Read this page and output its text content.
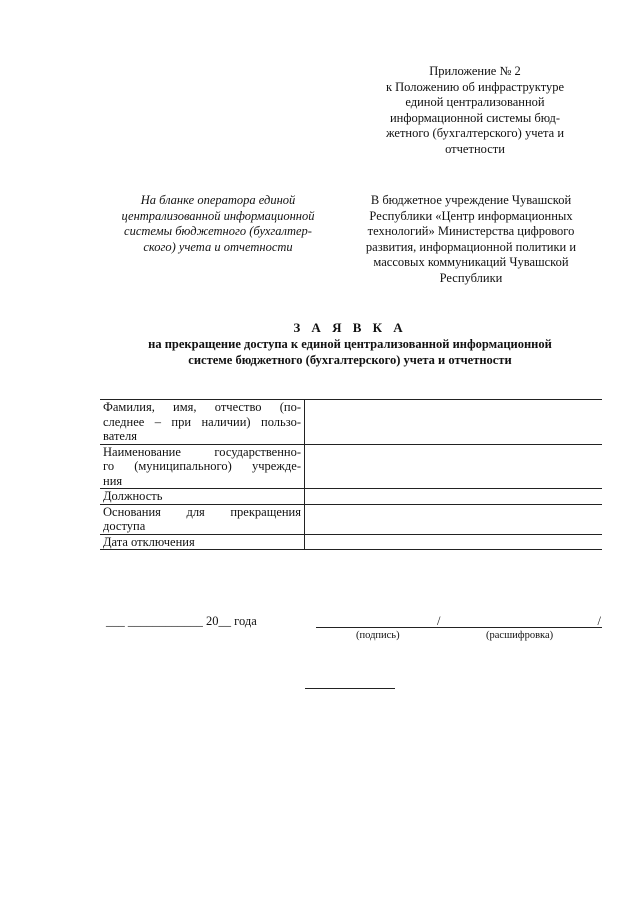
Приложение № 2
к Положению об инфраструктуре
единой централизованной
информационной системы бюд-
жетного (бухгалтерского) учета и
отчетности
На бланке оператора единой
централизованной информационной
системы бюджетного (бухгалтер-
ского) учета и отчетности
В бюджетное учреждение Чувашской
Республики «Центр информационных
технологий» Министерства цифрового
развития, информационной политики и
массовых коммуникаций Чувашской
Республики
З А Я В К А
на прекращение доступа к единой централизованной информационной
системе бюджетного (бухгалтерского) учета и отчетности
Фамилия, имя, отчество (по-
следнее – при наличии) пользо-
вателя	

Наименование государственно-
го (муниципального) учрежде-
ния	

Должность	

Основания для прекращения
доступа	

Дата отключения	

___ ____________ 20__ года	/	/
(подпись)	(расшифровка)
